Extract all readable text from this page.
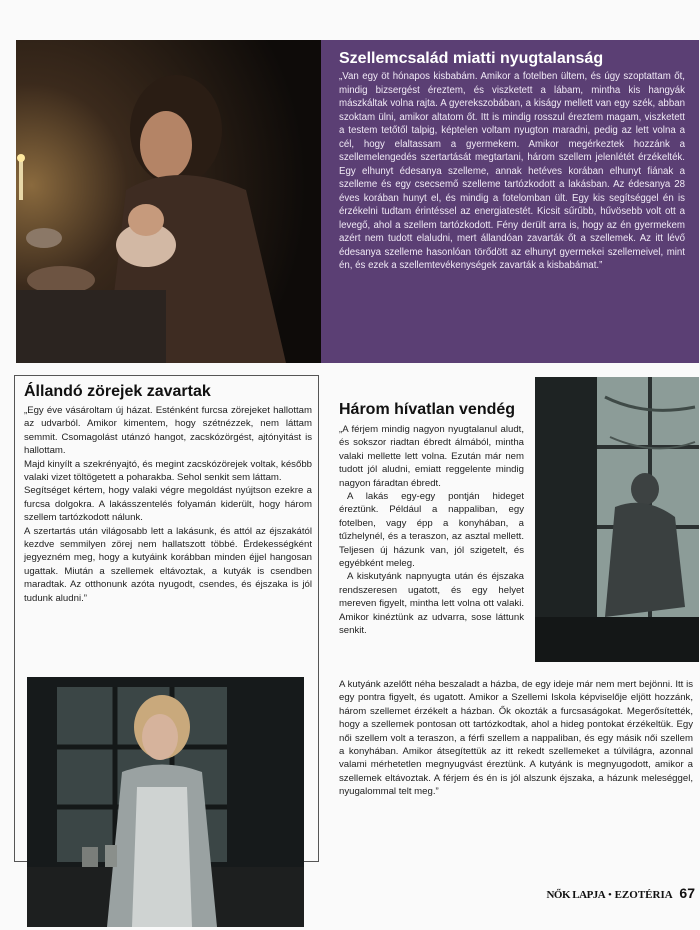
Szellemcsalád miatti nyugtalanság

„Van egy öt hónapos kisbabám. Amikor a fotelben ültem, és úgy szoptattam őt, mindig bizsergést éreztem, és viszketett a lábam, mintha kis hangyák mászkáltak volna rajta. A gyerekszobában, a kiságy mellett van egy szék, abban szoktam ülni, amikor altatom őt. Itt is mindig rosszul éreztem magam, viszketett a testem tetőtől talpig, képtelen voltam nyugton maradni, pedig az lett volna a cél, hogy elaltassam a gyermekem. Amikor megérkeztek hozzánk a szellemelengedés szertartását megtartani, három szellem jelenlétét érzékelték. Egy elhunyt édesanya szelleme, annak hetéves korában elhunyt fiának a szelleme és egy csecsemő szelleme tartózkodott a lakásban. Az édesanya 28 éves korában hunyt el, és mindig a fotelomban ült. Egy kis segítséggel én is érzékelni tudtam érintéssel az energiatestét. Kicsit sűrűbb, hűvösebb volt ott a levegő, ahol a szellem tartózkodott. Fény derült arra is, hogy az én gyermekem azért nem tudott elaludni, mert állandóan zavarták őt a szellemek. Az itt lévő édesanya szelleme hasonlóan törődött az elhunyt gyermekei szellemeivel, mint én, és ezek a szellemtevékenységek zavarták a kisbabámat.”

Állandó zörejek zavartak

„Egy éve vásároltam új házat. Esténként furcsa zörejeket hallottam az udvarból. Amikor kimentem, hogy szétnézzek, nem láttam semmit. Csomagolást utánzó hangot, zacskózörgést, ajtónyitást is hallottam.

Majd kinyílt a szekrényajtó, és megint zacskózörejek voltak, később valaki vizet töltögetett a poharakba. Sehol senkit sem láttam.

Segítséget kértem, hogy valaki végre megoldást nyújtson ezekre a furcsa dolgokra. A lakásszentelés folyamán kiderült, hogy három szellem tartózkodott nálunk.

A szertartás után világosabb lett a lakásunk, és attól az éjszakától kezdve semmilyen zörej nem hallatszott többé. Érdekességként jegyezném meg, hogy a kutyáink korábban minden éjjel hangosan ugattak. Miután a szellemek eltávoztak, a kutyák is csendben maradtak. Az otthonunk azóta nyugodt, csendes, és éjszaka is jól tudunk aludni.”

Három hívatlan vendég

„A férjem mindig nagyon nyugtalanul aludt, és sokszor riadtan ébredt álmából, mintha valaki mellette lett volna. Ezután már nem tudott jól aludni, emiatt reggelente mindig nagyon fáradtan ébredt.

A lakás egy-egy pontján hideget éreztünk. Például a nappaliban, egy fotelben, vagy épp a konyhában, a tűzhelynél, és a teraszon, az asztal mellett. Teljesen új házunk van, jól szigetelt, és egyébként meleg.

A kiskutyánk napnyugta után és éjszaka rendszeresen ugatott, és egy helyet mereven figyelt, mintha lett volna ott valaki. Amikor kinéztünk az udvarra, sose láttunk senkit.

A kutyánk azelőtt néha beszaladt a házba, de egy ideje már nem mert bejönni. Itt is egy pontra figyelt, és ugatott. Amikor a Szellemi Iskola képviselője eljött hozzánk, három szellemet érzékelt a házban. Ők okozták a furcsaságokat. Megerősítették, hogy a szellemek pontosan ott tartózkodtak, ahol a hideg pontokat érzékeltük. Egy női szellem volt a teraszon, a férfi szellem a nappaliban, és egy másik női szellem a konyhában. Amikor átsegítettük az itt rekedt szellemeket a túlvilágra, azonnal valami mérhetetlen megnyugvást éreztünk. A kutyánk is megnyugodott, amikor a szellemek eltávoztak. A férjem és én is jól alszunk éjszaka, a házunk meleséggel, nyugalommal telt meg.”

NŐK LAPJA • EZOTÉRIA 67
